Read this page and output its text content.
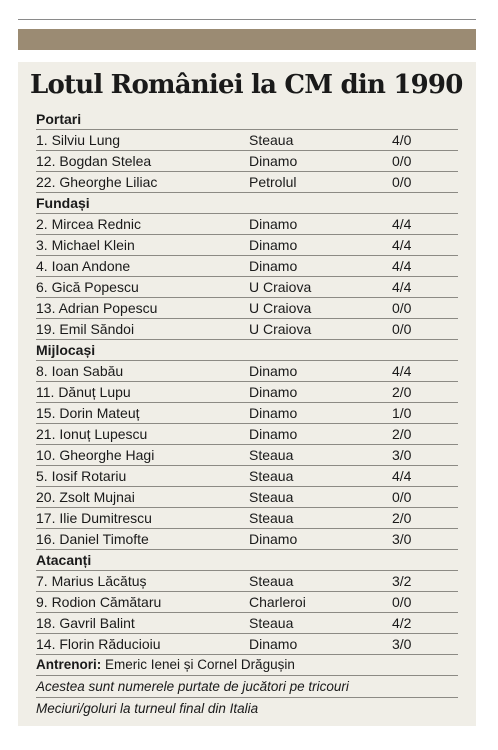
Lotul României la CM din 1990
Portari
1. Silviu Lung	Steaua	4/0
12. Bogdan Stelea	Dinamo	0/0
22. Gheorghe Liliac	Petrolul	0/0
Fundași
2. Mircea Rednic	Dinamo	4/4
3. Michael Klein	Dinamo	4/4
4. Ioan Andone	Dinamo	4/4
6. Gică Popescu	U Craiova	4/4
13. Adrian Popescu	U Craiova	0/0
19. Emil Săndoi	U Craiova	0/0
Mijlocași
8. Ioan Sabău	Dinamo	4/4
11. Dănuț Lupu	Dinamo	2/0
15. Dorin Mateuț	Dinamo	1/0
21. Ionuț Lupescu	Dinamo	2/0
10. Gheorghe Hagi	Steaua	3/0
5. Iosif Rotariu	Steaua	4/4
20. Zsolt Mujnai	Steaua	0/0
17. Ilie Dumitrescu	Steaua	2/0
16. Daniel Timofte	Dinamo	3/0
Atacanți
7. Marius Lăcătuș	Steaua	3/2
9. Rodion Cămătaru	Charleroi	0/0
18. Gavril Balint	Steaua	4/2
14. Florin Răducioiu	Dinamo	3/0
Antrenori: Emeric Ienei și Cornel Drăgușin
Acestea sunt numerele purtate de jucători pe tricouri
Meciuri/goluri la turneul final din Italia
